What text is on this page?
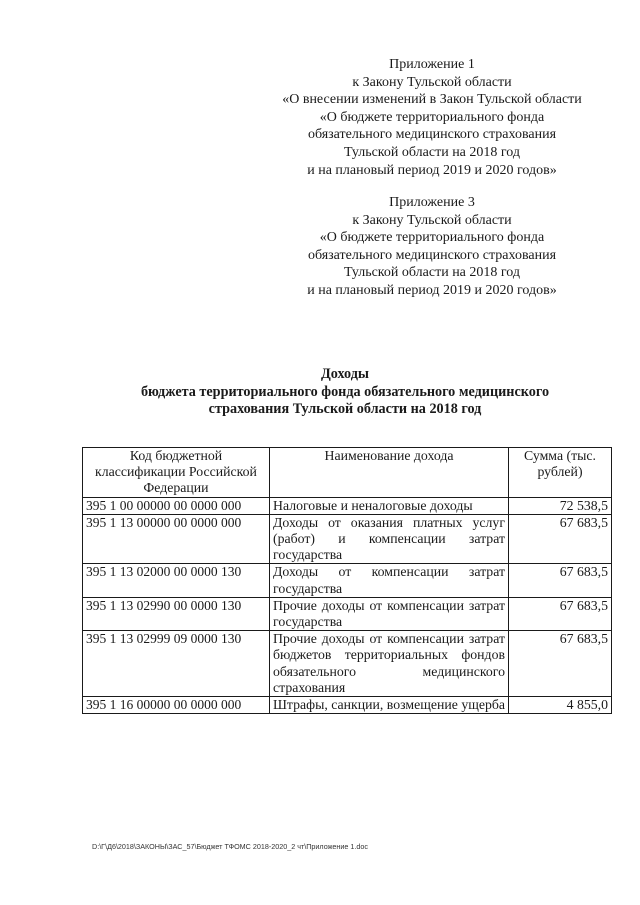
Приложение 1
к Закону Тульской области
«О внесении изменений в Закон Тульской области
«О бюджете территориального фонда
обязательного медицинского страхования
Тульской области на 2018 год
и на плановый период 2019 и 2020 годов»
Приложение 3
к Закону Тульской области
«О бюджете территориального фонда
обязательного медицинского страхования
Тульской области на 2018 год
и на плановый период 2019 и 2020 годов»
Доходы
бюджета территориального фонда обязательного медицинского
страхования Тульской области на 2018 год
Код бюджетной классификации Российской Федерации	Наименование дохода	Сумма (тыс. рублей)
395 1 00 00000 00 0000 000	Налоговые и неналоговые доходы	72 538,5
395 1 13 00000 00 0000 000	Доходы от оказания платных услуг (работ) и компенсации затрат государства	67 683,5
395 1 13 02000 00 0000 130	Доходы от компенсации затрат государства	67 683,5
395 1 13 02990 00 0000 130	Прочие доходы от компенсации затрат государства	67 683,5
395 1 13 02999 09 0000 130	Прочие доходы от компенсации затрат бюджетов территориальных фондов обязательного медицинского страхования	67 683,5
395 1 16 00000 00 0000 000	Штрафы, санкции, возмещение ущерба	4 855,0
D:\Г\Д6\2018\ЗАКОНЫ\ЗАС_57\Бюджет ТФОМС 2018-2020_2 чт\Приложение 1.doc
